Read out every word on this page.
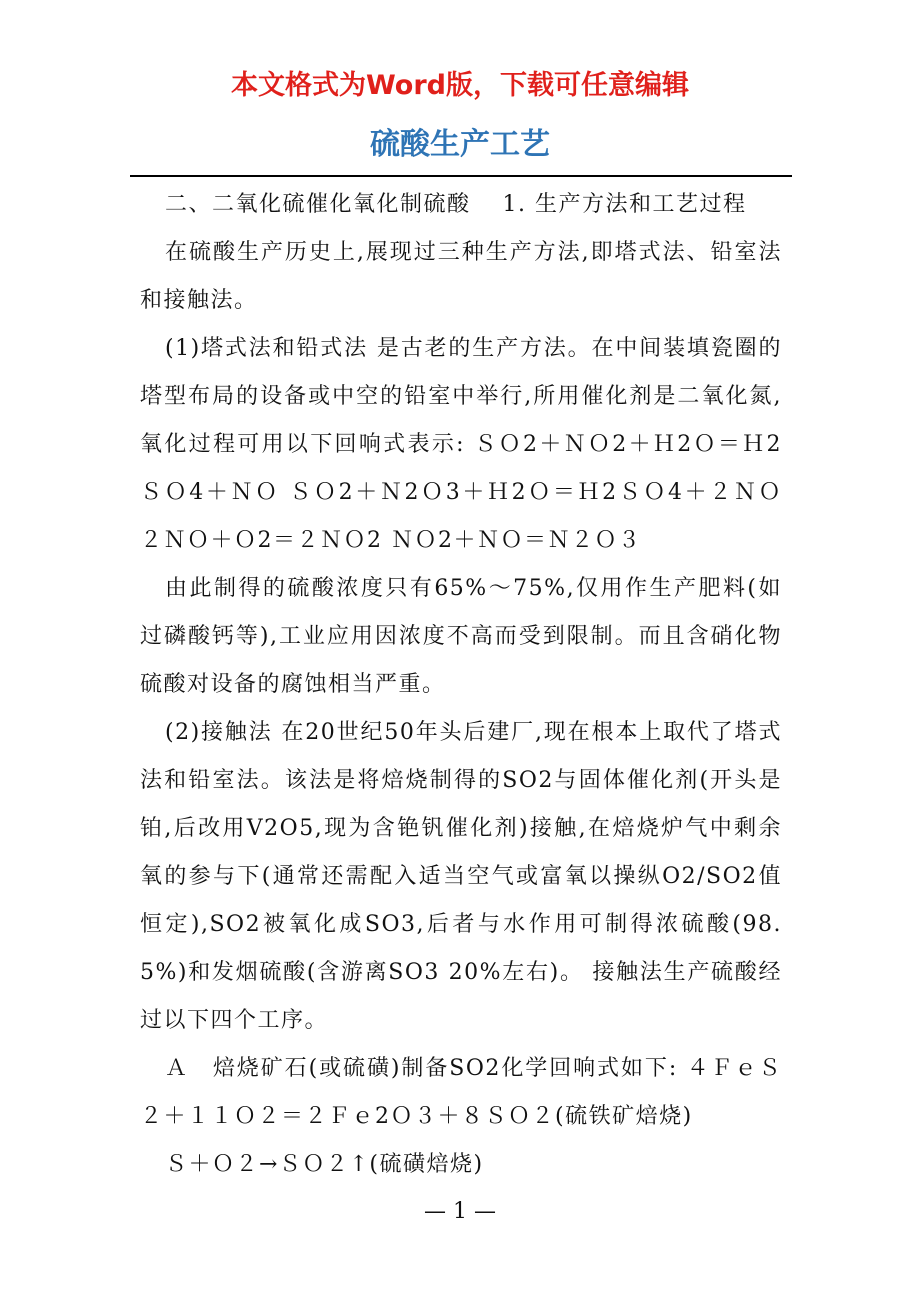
本文格式为Word版，下载可任意编辑
硫酸生产工艺

二、二氧化硫催化氧化制硫酸　 1. 生产方法和工艺过程

在硫酸生产历史上,展现过三种生产方法,即塔式法、铅室法和接触法。

(1)塔式法和铅式法 是古老的生产方法。在中间装填瓷圈的塔型布局的设备或中空的铅室中举行,所用催化剂是二氧化氮,氧化过程可用以下回响式表示: ＳＯ2＋ＮＯ2＋Ｈ2Ｏ＝Ｈ2ＳＯ4＋ＮＯ ＳＯ2＋Ｎ2Ｏ3＋Ｈ2Ｏ＝Ｈ2ＳＯ4＋２ＮＯ ２ＮＯ＋Ｏ2＝２ＮＯ2 ＮＯ2＋ＮＯ＝Ｎ２Ｏ３

由此制得的硫酸浓度只有65%～75%,仅用作生产肥料(如过磷酸钙等),工业应用因浓度不高而受到限制。而且含硝化物硫酸对设备的腐蚀相当严重。

(2)接触法 在20世纪50年头后建厂,现在根本上取代了塔式法和铅室法。该法是将焙烧制得的SO2与固体催化剂(开头是铂,后改用V2O5,现为含铯钒催化剂)接触,在焙烧炉气中剩余氧的参与下(通常还需配入适当空气或富氧以操纵O2/SO2值恒定),SO2被氧化成SO3,后者与水作用可制得浓硫酸(98.5%)和发烟硫酸(含游离SO3 20%左右)。 接触法生产硫酸经过以下四个工序。

Ａ　焙烧矿石(或硫磺)制备SO2化学回响式如下: ４ＦｅＳ２＋１１Ｏ２＝２Ｆｅ2Ｏ３＋８ＳＯ２(硫铁矿焙烧)

Ｓ＋Ｏ２→ＳＯ２↑(硫磺焙烧)

— 1 —
